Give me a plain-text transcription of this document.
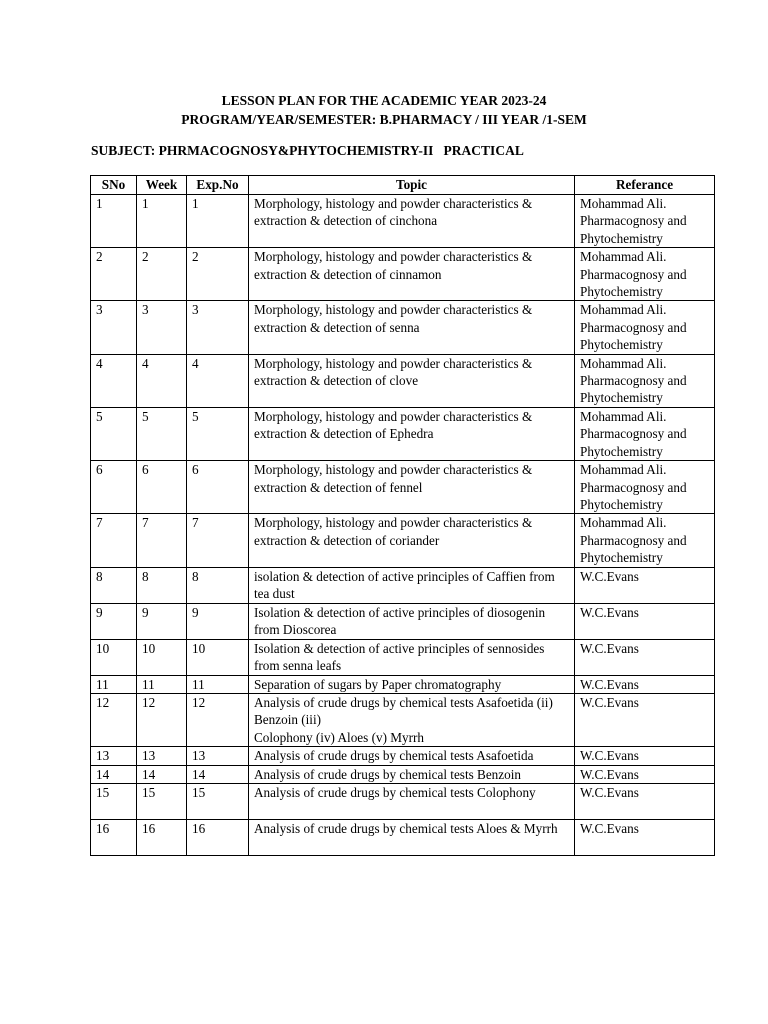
LESSON PLAN FOR THE ACADEMIC YEAR 2023-24
PROGRAM/YEAR/SEMESTER: B.PHARMACY / III YEAR /1-SEM
SUBJECT: PHRMACOGNOSY&PHYTOCHEMISTRY-II   PRACTICAL
SNo	Week	Exp.No	Topic	Referance
1	1	1	Morphology, histology and powder characteristics & extraction & detection of cinchona	Mohammad Ali. Pharmacognosy and Phytochemistry
2	2	2	Morphology, histology and powder characteristics & extraction & detection of cinnamon	Mohammad Ali. Pharmacognosy and Phytochemistry
3	3	3	Morphology, histology and powder characteristics & extraction & detection of senna	Mohammad Ali. Pharmacognosy and Phytochemistry
4	4	4	Morphology, histology and powder characteristics & extraction & detection of clove	Mohammad Ali. Pharmacognosy and Phytochemistry
5	5	5	Morphology, histology and powder characteristics & extraction & detection of Ephedra	Mohammad Ali. Pharmacognosy and Phytochemistry
6	6	6	Morphology, histology and powder characteristics & extraction & detection of fennel	Mohammad Ali. Pharmacognosy and Phytochemistry
7	7	7	Morphology, histology and powder characteristics & extraction & detection of coriander	Mohammad Ali. Pharmacognosy and Phytochemistry
8	8	8	isolation & detection of active principles of Caffien from tea dust	W.C.Evans
9	9	9	Isolation & detection of active principles of diosogenin from Dioscorea	W.C.Evans
10	10	10	Isolation & detection of active principles of sennosides from senna leafs	W.C.Evans
11	11	11	Separation of sugars by Paper chromatography	W.C.Evans
12	12	12	Analysis of crude drugs by chemical tests Asafoetida (ii) Benzoin (iii)
Colophony (iv) Aloes (v) Myrrh	W.C.Evans
13	13	13	Analysis of crude drugs by chemical tests Asafoetida	W.C.Evans
14	14	14	Analysis of crude drugs by chemical tests Benzoin	W.C.Evans
15	15	15	Analysis of crude drugs by chemical tests Colophony	W.C.Evans
16	16	16	Analysis of crude drugs by chemical tests Aloes & Myrrh	W.C.Evans
